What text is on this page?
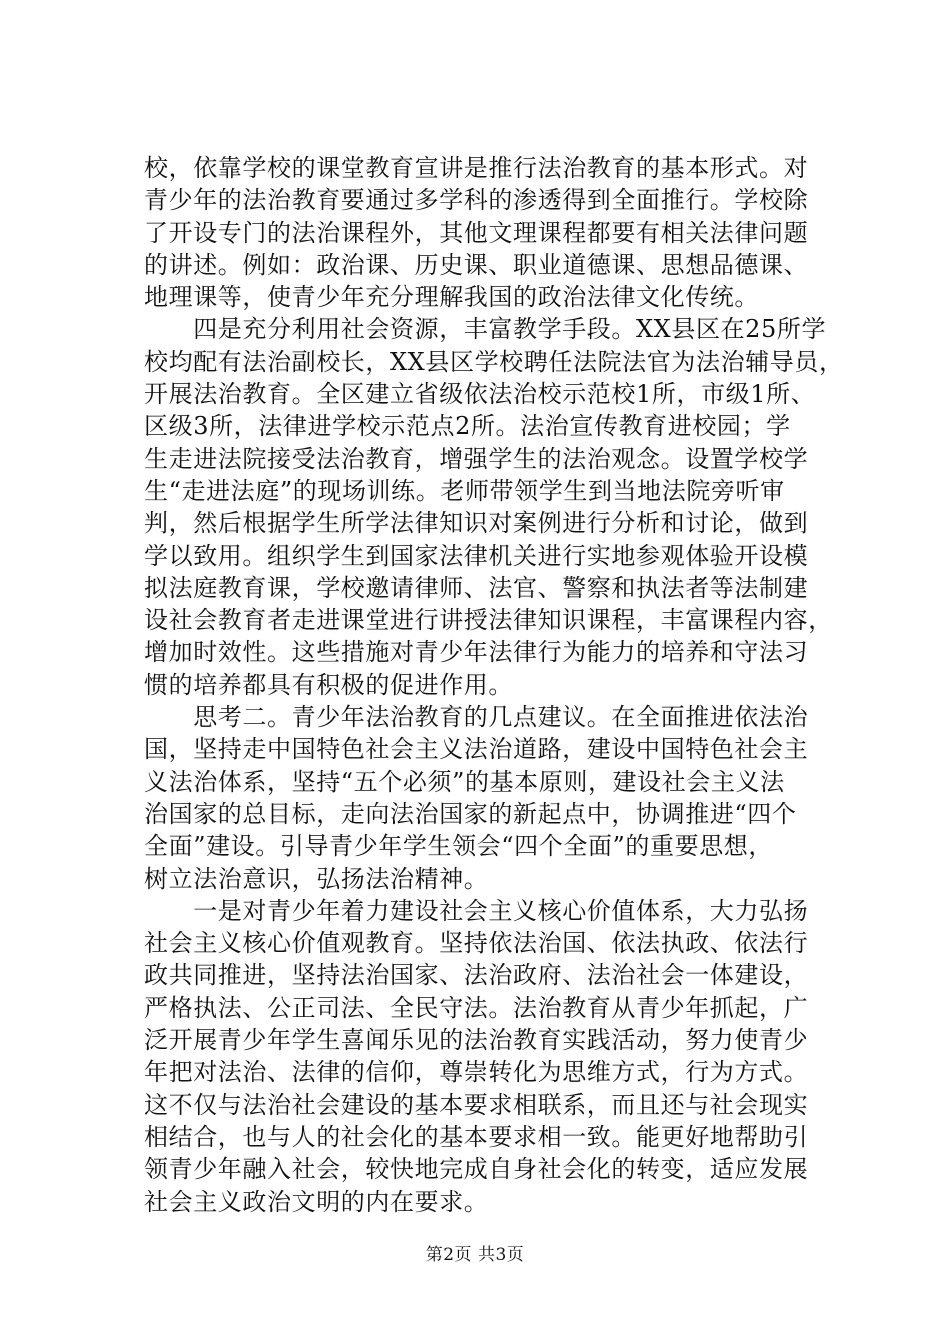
校，依靠学校的课堂教育宣讲是推行法治教育的基本形式。对
青少年的法治教育要通过多学科的渗透得到全面推行。学校除
了开设专门的法治课程外，其他文理课程都要有相关法律问题
的讲述。例如：政治课、历史课、职业道德课、思想品德课、
地理课等，使青少年充分理解我国的政治法律文化传统。
　　四是充分利用社会资源，丰富教学手段。XX县区在25所学
校均配有法治副校长，XX县区学校聘任法院法官为法治辅导员，
开展法治教育。全区建立省级依法治校示范校1所，市级1所、
区级3所，法律进学校示范点2所。法治宣传教育进校园；学
生走进法院接受法治教育，增强学生的法治观念。设置学校学
生“走进法庭”的现场训练。老师带领学生到当地法院旁听审
判，然后根据学生所学法律知识对案例进行分析和讨论，做到
学以致用。组织学生到国家法律机关进行实地参观体验开设模
拟法庭教育课，学校邀请律师、法官、警察和执法者等法制建
设社会教育者走进课堂进行讲授法律知识课程，丰富课程内容，
增加时效性。这些措施对青少年法律行为能力的培养和守法习
惯的培养都具有积极的促进作用。
　　思考二。青少年法治教育的几点建议。在全面推进依法治
国，坚持走中国特色社会主义法治道路，建设中国特色社会主
义法治体系，坚持“五个必须”的基本原则，建设社会主义法
治国家的总目标，走向法治国家的新起点中，协调推进“四个
全面”建设。引导青少年学生领会“四个全面”的重要思想，
树立法治意识，弘扬法治精神。
　　一是对青少年着力建设社会主义核心价值体系，大力弘扬
社会主义核心价值观教育。坚持依法治国、依法执政、依法行
政共同推进，坚持法治国家、法治政府、法治社会一体建设，
严格执法、公正司法、全民守法。法治教育从青少年抓起，广
泛开展青少年学生喜闻乐见的法治教育实践活动，努力使青少
年把对法治、法律的信仰，尊崇转化为思维方式，行为方式。
这不仅与法治社会建设的基本要求相联系，而且还与社会现实
相结合，也与人的社会化的基本要求相一致。能更好地帮助引
领青少年融入社会，较快地完成自身社会化的转变，适应发展
社会主义政治文明的内在要求。
第2页 共3页
